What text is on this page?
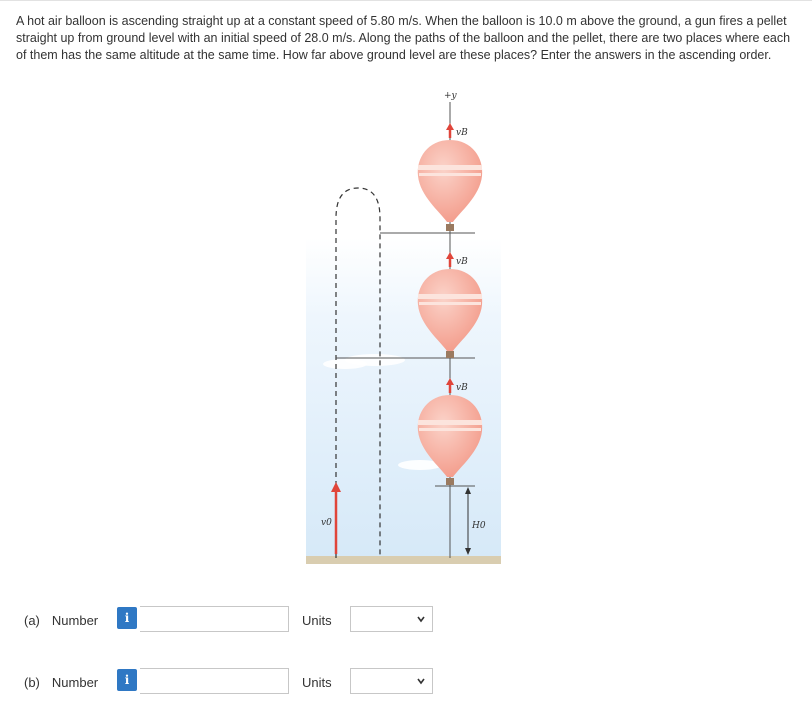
A hot air balloon is ascending straight up at a constant speed of 5.80 m/s. When the balloon is 10.0 m above the ground, a gun fires a pellet straight up from ground level with an initial speed of 28.0 m/s. Along the paths of the balloon and the pellet, there are two places where each of them has the same altitude at the same time. How far above ground level are these places? Enter the answers in the ascending order.
+y
v0	H0
vB
vB
vB
(a) Number	i	Units
(b) Number	i	Units
